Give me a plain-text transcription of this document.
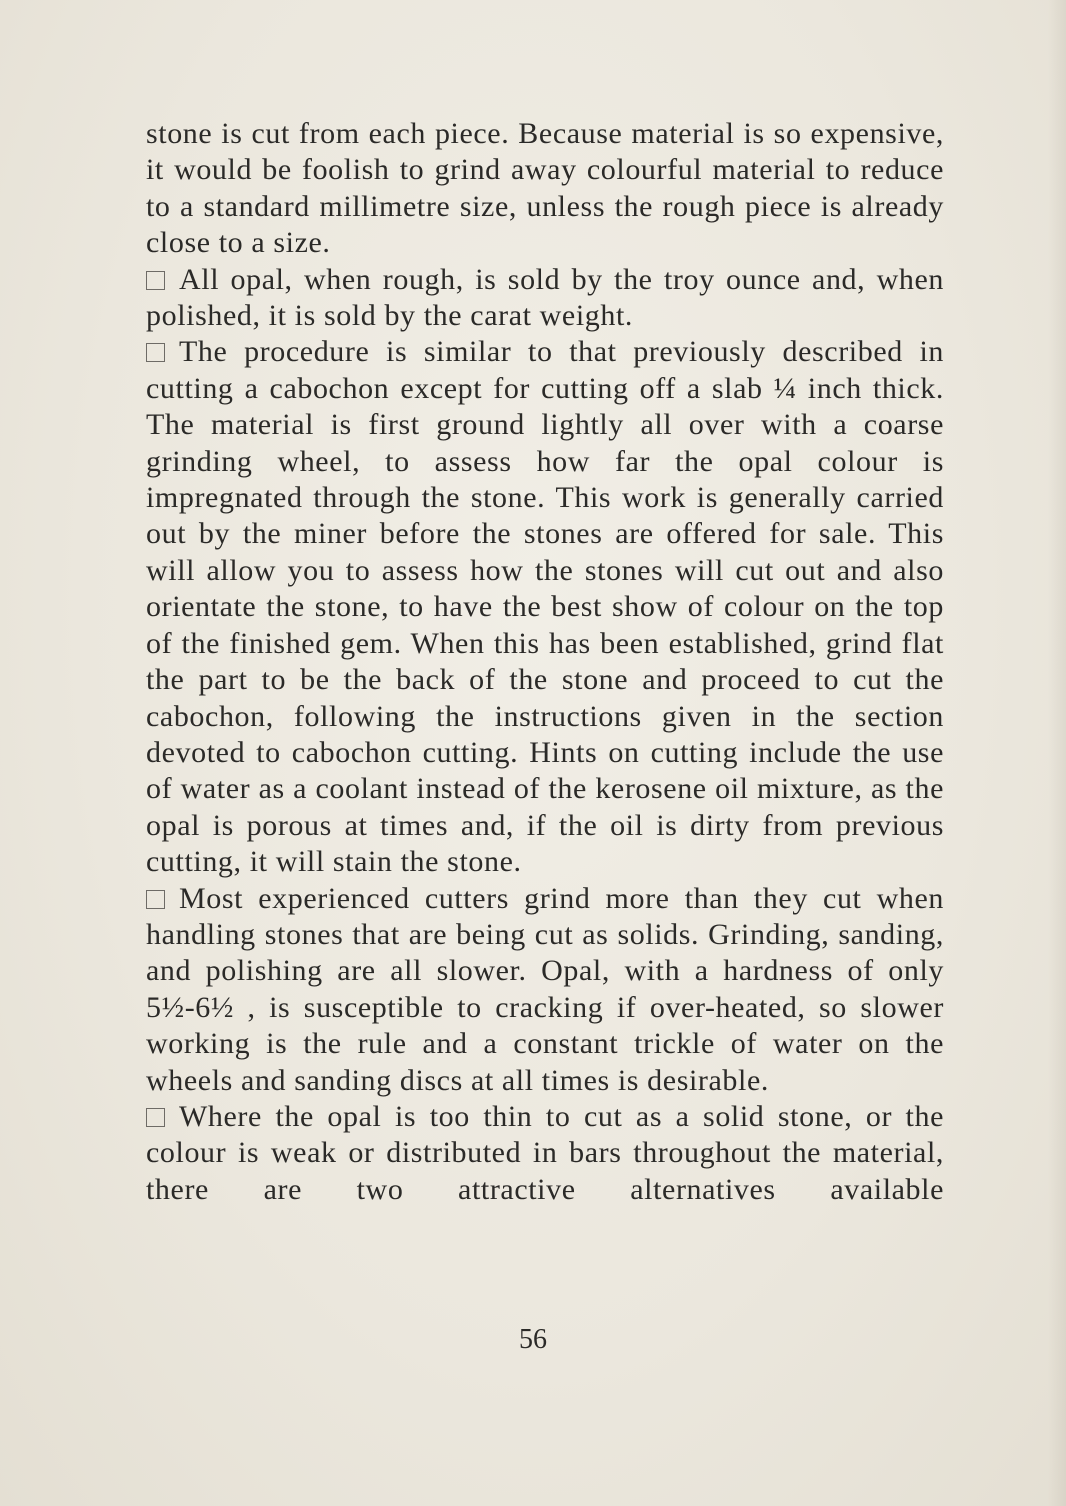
stone is cut from each piece. Because material is so expensive, it would be foolish to grind away colourful material to reduce to a standard millimetre size, unless the rough piece is already close to a size.

All opal, when rough, is sold by the troy ounce and, when polished, it is sold by the carat weight.

The procedure is similar to that previously described in cutting a cabochon except for cutting off a slab ¼ inch thick. The material is first ground lightly all over with a coarse grinding wheel, to assess how far the opal colour is impregnated through the stone. This work is generally carried out by the miner before the stones are offered for sale. This will allow you to assess how the stones will cut out and also orientate the stone, to have the best show of colour on the top of the finished gem. When this has been established, grind flat the part to be the back of the stone and proceed to cut the cabochon, following the instructions given in the section devoted to cabochon cutting. Hints on cutting include the use of water as a coolant instead of the kerosene oil mixture, as the opal is porous at times and, if the oil is dirty from previous cutting, it will stain the stone.

Most experienced cutters grind more than they cut when handling stones that are being cut as solids. Grinding, sanding, and polishing are all slower. Opal, with a hardness of only 5½-6½ , is susceptible to cracking if over-heated, so slower working is the rule and a constant trickle of water on the wheels and sanding discs at all times is desirable.

Where the opal is too thin to cut as a solid stone, or the colour is weak or distributed in bars throughout the material, there are two attractive alternatives available

56
